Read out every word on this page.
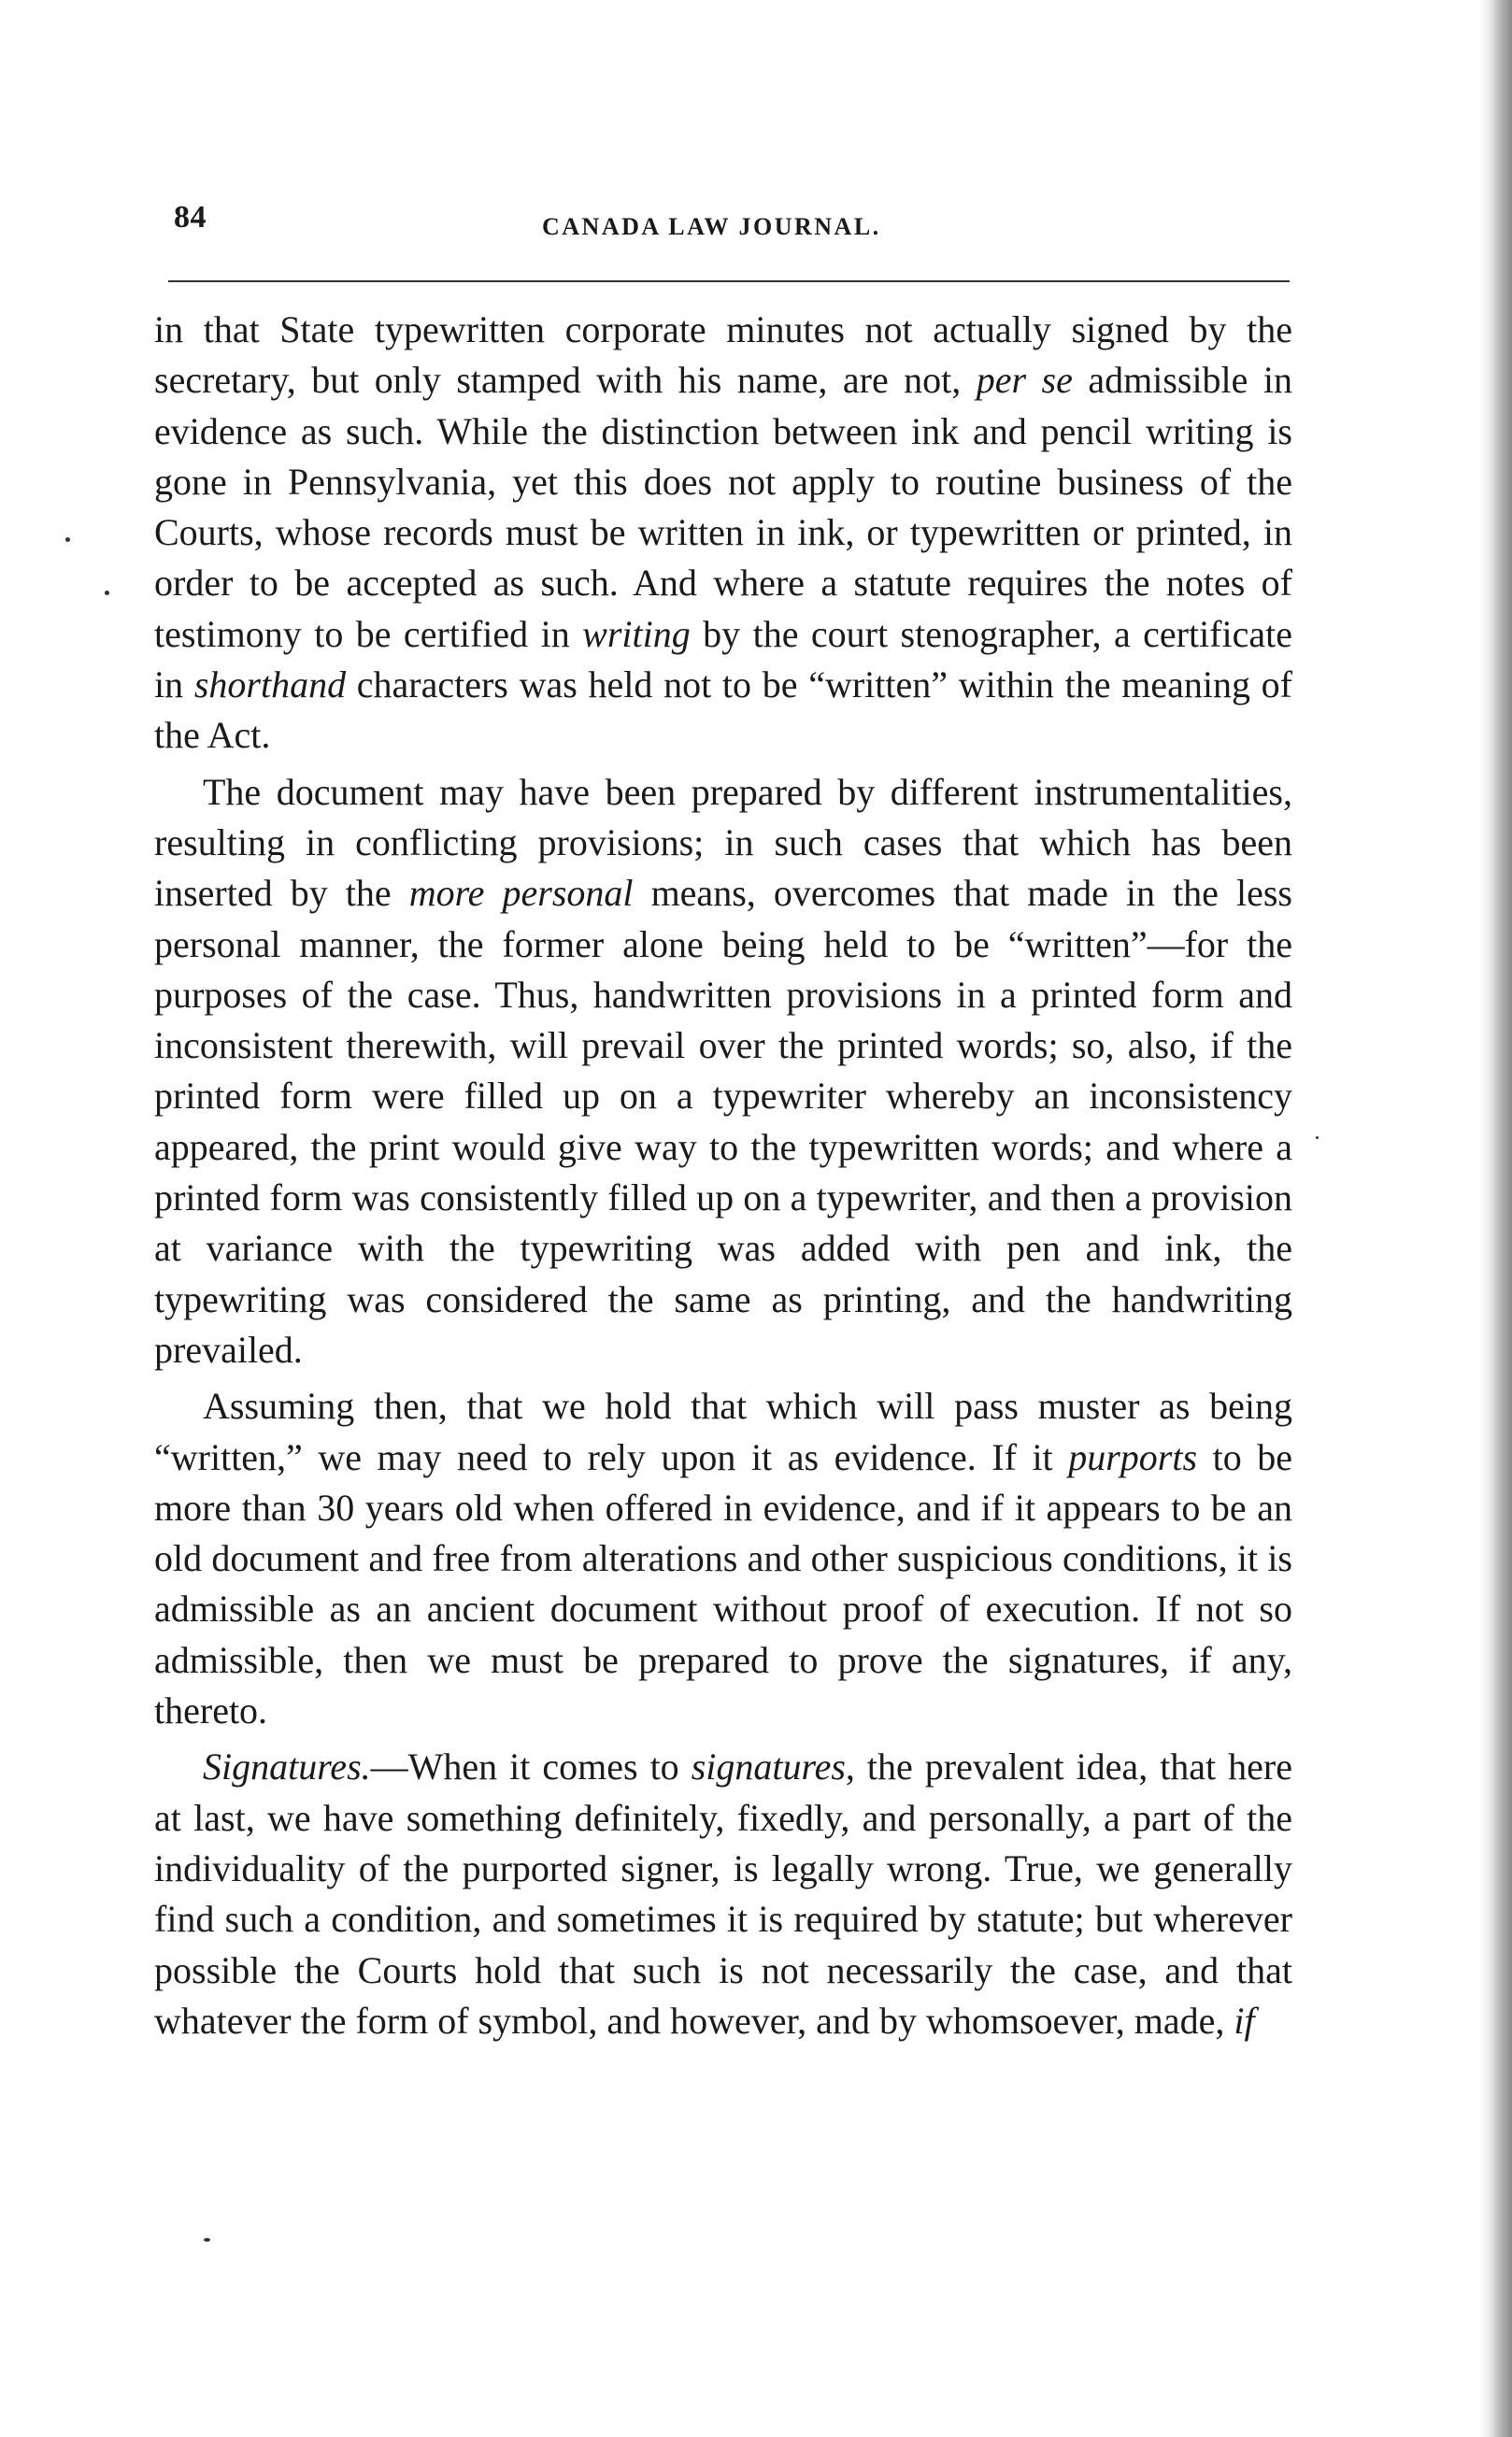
84	CANADA LAW JOURNAL.

in that State typewritten corporate minutes not actually signed by the secretary, but only stamped with his name, are not, per se admissible in evidence as such. While the distinction between ink and pencil writing is gone in Pennsylvania, yet this does not apply to routine business of the Courts, whose records must be written in ink, or typewritten or printed, in order to be accepted as such. And where a statute requires the notes of testimony to be certified in writing by the court stenographer, a certificate in shorthand characters was held not to be “written” within the meaning of the Act.

The document may have been prepared by different instrumentalities, resulting in conflicting provisions; in such cases that which has been inserted by the more personal means, overcomes that made in the less personal manner, the former alone being held to be “written”—for the purposes of the case. Thus, handwritten provisions in a printed form and inconsistent therewith, will prevail over the printed words; so, also, if the printed form were filled up on a typewriter whereby an inconsistency appeared, the print would give way to the typewritten words; and where a printed form was consistently filled up on a typewriter, and then a provision at variance with the typewriting was added with pen and ink, the typewriting was considered the same as printing, and the handwriting prevailed.

Assuming then, that we hold that which will pass muster as being “written,” we may need to rely upon it as evidence. If it purports to be more than 30 years old when offered in evidence, and if it appears to be an old document and free from alterations and other suspicious conditions, it is admissible as an ancient document without proof of execution. If not so admissible, then we must be prepared to prove the signatures, if any, thereto.

Signatures.—When it comes to signatures, the prevalent idea, that here at last, we have something definitely, fixedly, and personally, a part of the individuality of the purported signer, is legally wrong. True, we generally find such a condition, and sometimes it is required by statute; but wherever possible the Courts hold that such is not necessarily the case, and that whatever the form of symbol, and however, and by whomsoever, made, if
